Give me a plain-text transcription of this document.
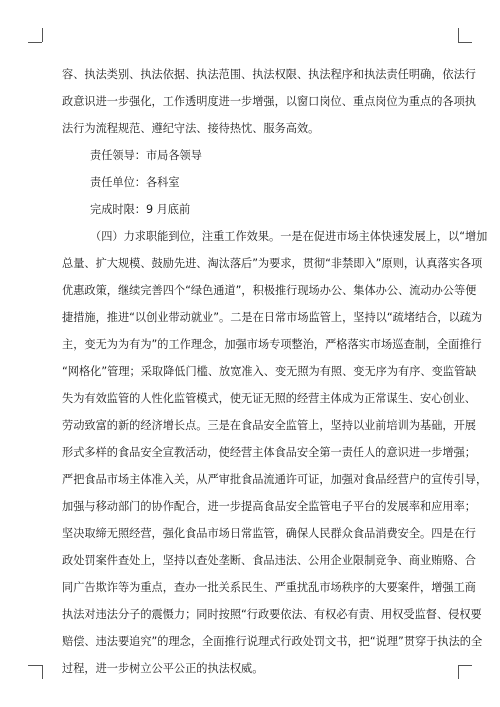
容、执法类别、执法依据、执法范围、执法权限、执法程序和执法责任明确，依法行
政意识进一步强化，工作透明度进一步增强，以窗口岗位、重点岗位为重点的各项执
法行为流程规范、遵纪守法、接待热忱、服务高效。
责任领导：市局各领导
责任单位：各科室
完成时限：9 月底前
（四）力求职能到位，注重工作效果。一是在促进市场主体快速发展上，以“增加
总量、扩大规模、鼓励先进、淘汰落后”为要求，贯彻“非禁即入”原则，认真落实各项
优惠政策，继续完善四个“绿色通道”，积极推行现场办公、集体办公、流动办公等便
捷措施，推进“以创业带动就业”。二是在日常市场监管上，坚持以“疏堵结合，以疏为
主，变无为为有为”的工作理念，加强市场专项整治，严格落实市场巡查制，全面推行
“网格化”管理；采取降低门槛、放宽准入、变无照为有照、变无序为有序、变监管缺
失为有效监管的人性化监管模式，使无证无照的经营主体成为正常谋生、安心创业、
劳动致富的新的经济增长点。三是在食品安全监管上，坚持以业前培训为基础，开展
形式多样的食品安全宣教活动，使经营主体食品安全第一责任人的意识进一步增强；
严把食品市场主体准入关，从严审批食品流通许可证，加强对食品经营户的宣传引导，
加强与移动部门的协作配合，进一步提高食品安全监管电子平台的发展率和应用率；
坚决取缔无照经营，强化食品市场日常监管，确保人民群众食品消费安全。四是在行
政处罚案件查处上，坚持以查处垄断、食品违法、公用企业限制竞争、商业贿赂、合
同广告欺诈等为重点，查办一批关系民生、严重扰乱市场秩序的大要案件，增强工商
执法对违法分子的震慑力；同时按照“行政要依法、有权必有责、用权受监督、侵权要
赔偿、违法要追究”的理念，全面推行说理式行政处罚文书，把“说理”贯穿于执法的全
过程，进一步树立公平公正的执法权威。
